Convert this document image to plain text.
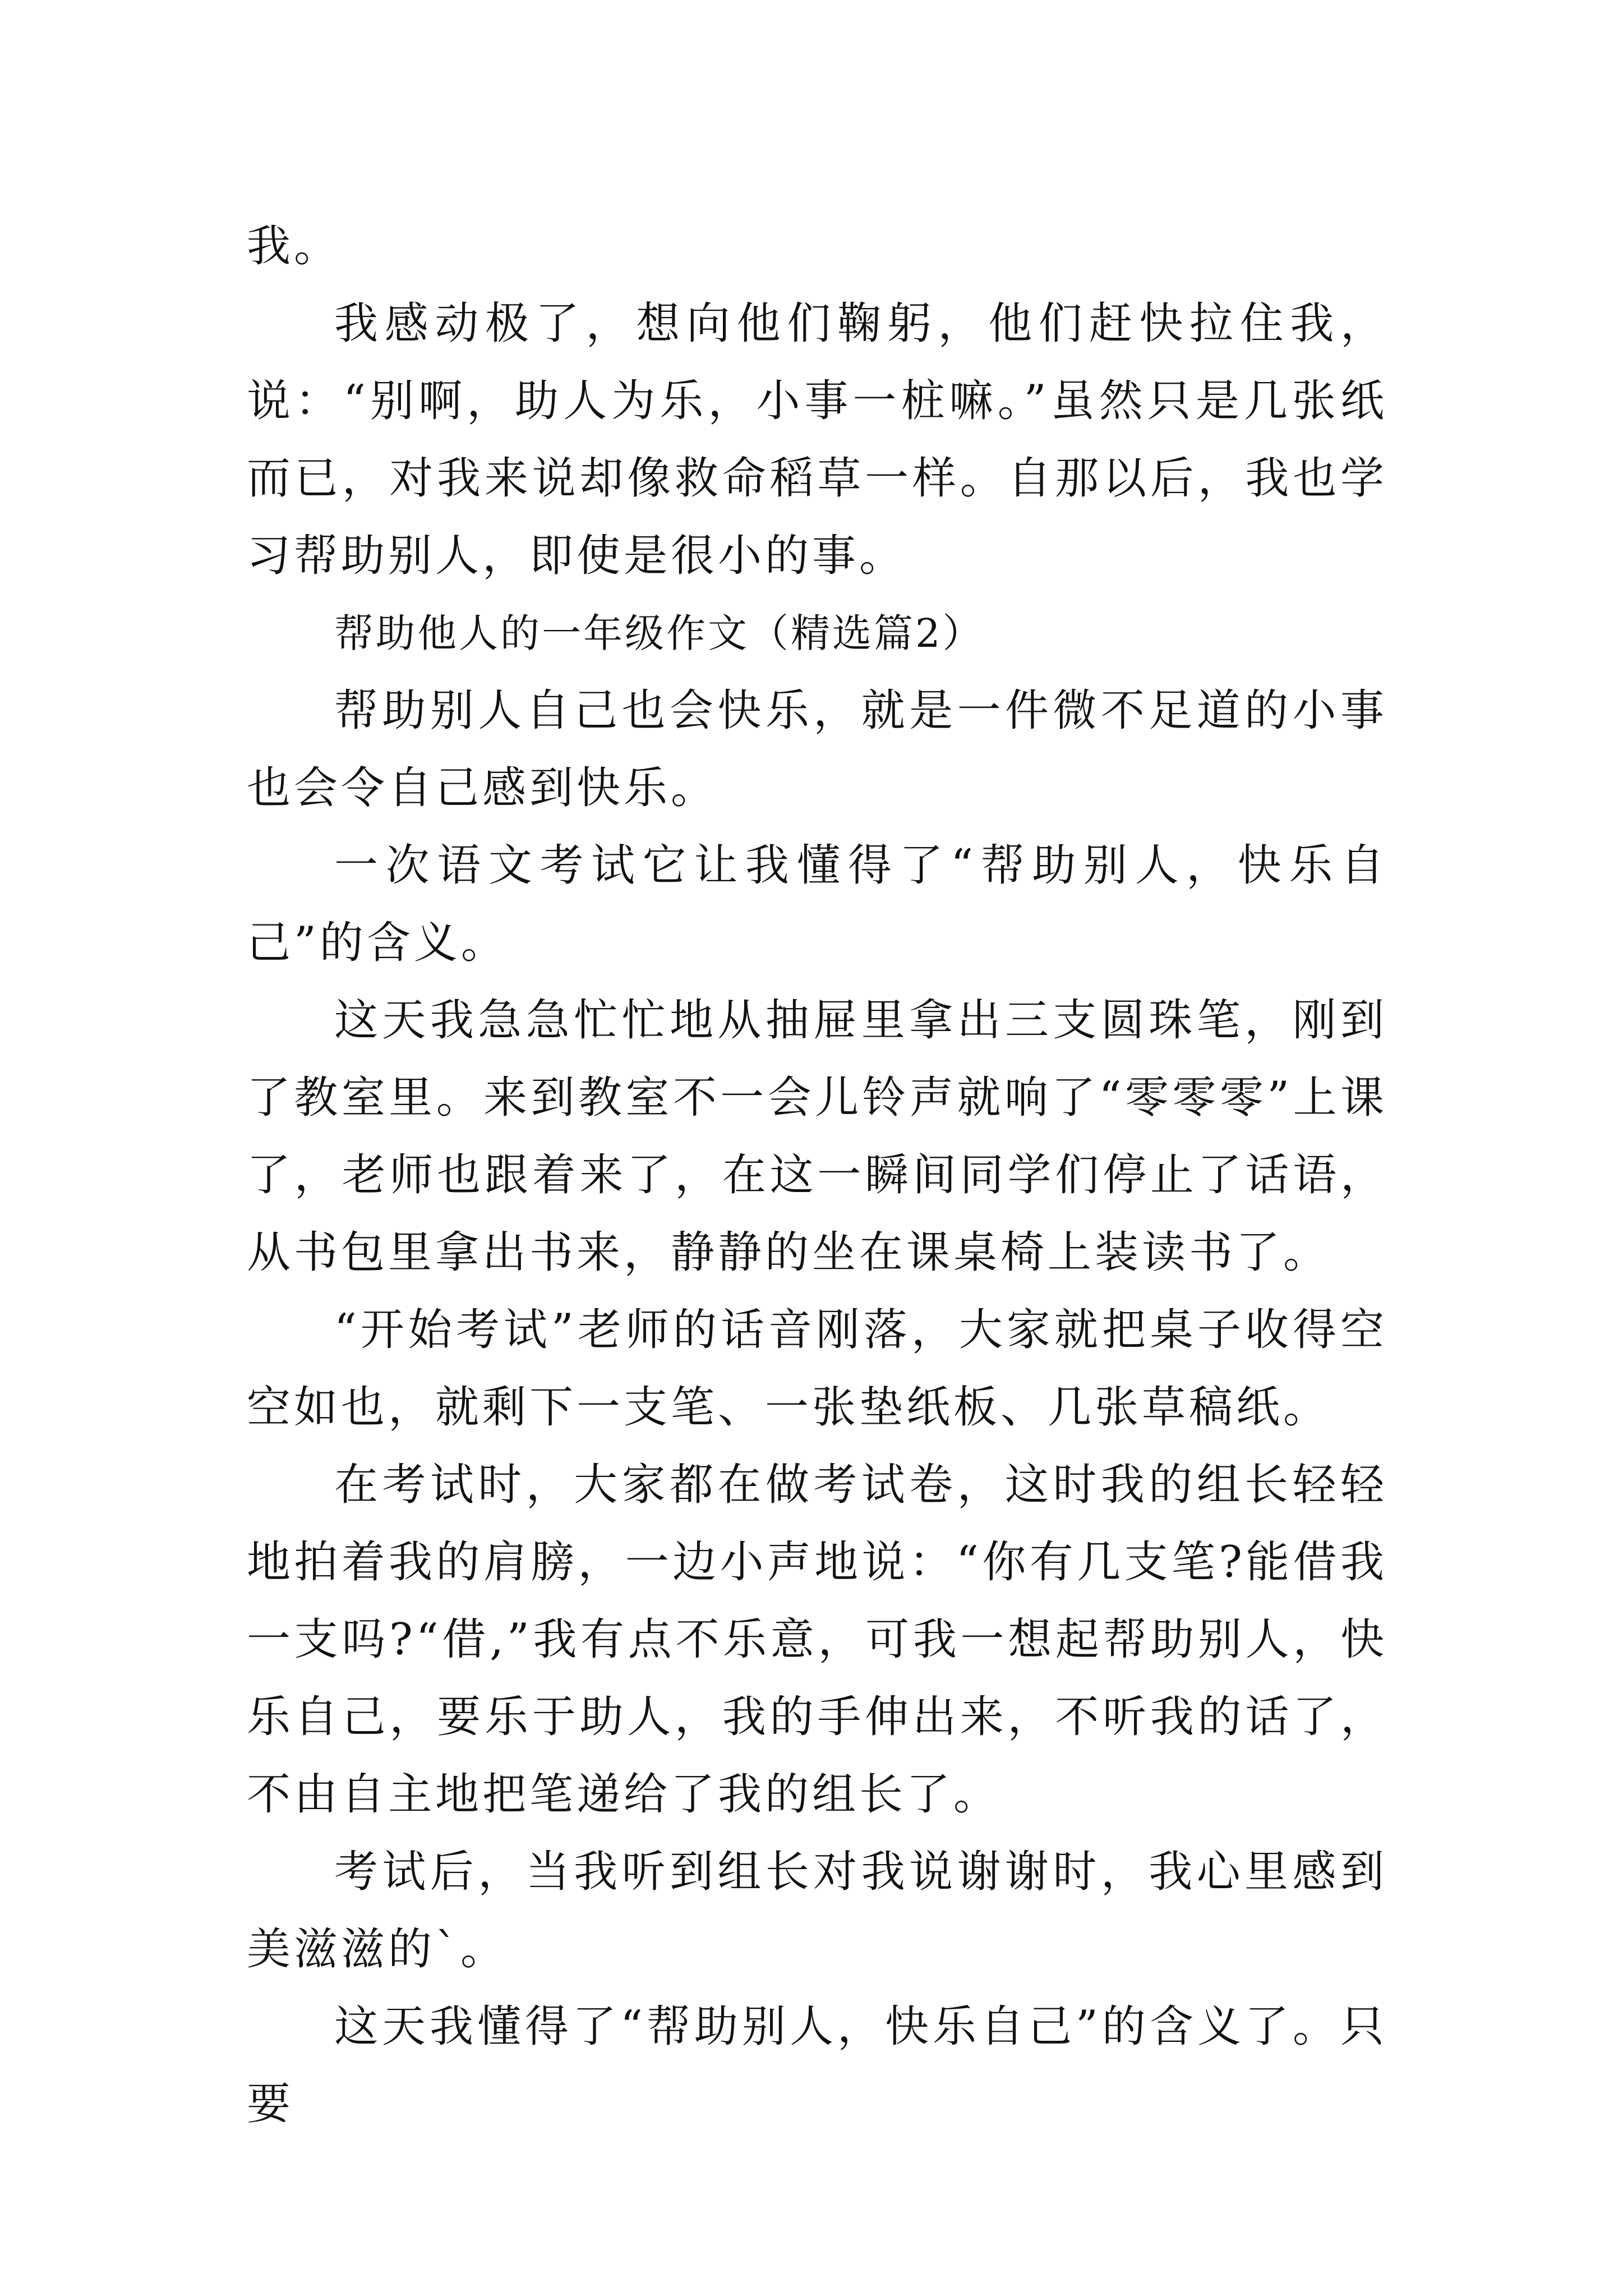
我。

我感动极了，想向他们鞠躬，他们赶快拉住我，说：“别啊，助人为乐，小事一桩嘛。”虽然只是几张纸而已，对我来说却像救命稻草一样。自那以后，我也学习帮助别人，即使是很小的事。

帮助他人的一年级作文（精选篇2）

帮助别人自己也会快乐，就是一件微不足道的小事也会令自己感到快乐。

一次语文考试它让我懂得了“帮助别人，快乐自己”的含义。

这天我急急忙忙地从抽屉里拿出三支圆珠笔，刚到了教室里。来到教室不一会儿铃声就响了“零零零”上课了，老师也跟着来了，在这一瞬间同学们停止了话语，从书包里拿出书来，静静的坐在课桌椅上装读书了。

“开始考试”老师的话音刚落，大家就把桌子收得空空如也，就剩下一支笔、一张垫纸板、几张草稿纸。

在考试时，大家都在做考试卷，这时我的组长轻轻地拍着我的肩膀，一边小声地说：“你有几支笔?能借我一支吗?“借,”我有点不乐意，可我一想起帮助别人，快乐自己，要乐于助人，我的手伸出来，不听我的话了，不由自主地把笔递给了我的组长了。

考试后，当我听到组长对我说谢谢时，我心里感到美滋滋的`。

这天我懂得了“帮助别人，快乐自己”的含义了。只要
